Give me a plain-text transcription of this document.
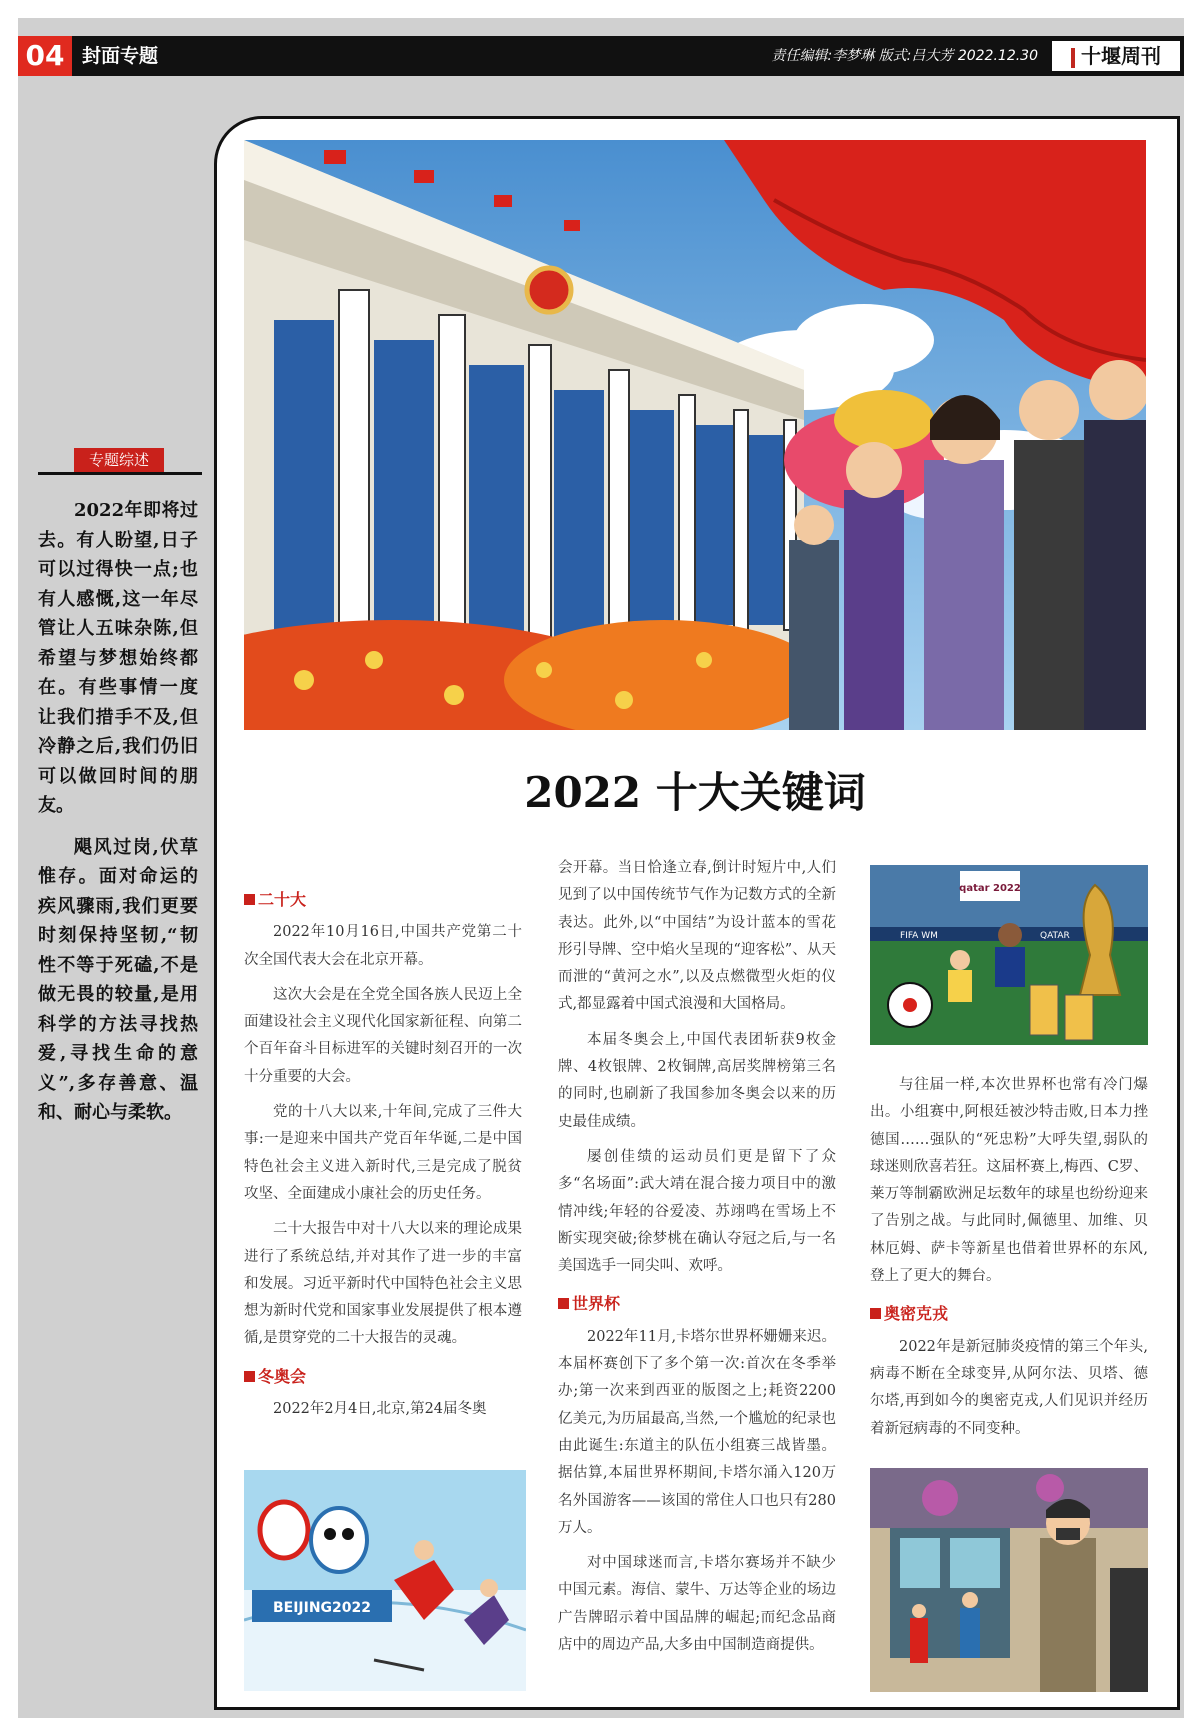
04 封面专题	责任编辑:李梦琳 版式:吕大芳 2022.12.30	十堰周刊
专题综述

2022年即将过去。有人盼望,日子可以过得快一点;也有人感慨,这一年尽管让人五味杂陈,但希望与梦想始终都在。有些事情一度让我们措手不及,但冷静之后,我们仍旧可以做回时间的朋友。

飓风过岗,伏草惟存。面对命运的疾风骤雨,我们更要时刻保持坚韧,“韧性不等于死磕,不是做无畏的较量,是用科学的方法寻找热爱,寻找生命的意义”,多存善意、温和、耐心与柔软。

2022 十大关键词
二十大

2022年10月16日,中国共产党第二十次全国代表大会在北京开幕。

这次大会是在全党全国各族人民迈上全面建设社会主义现代化国家新征程、向第二个百年奋斗目标进军的关键时刻召开的一次十分重要的大会。

党的十八大以来,十年间,完成了三件大事:一是迎来中国共产党百年华诞,二是中国特色社会主义进入新时代,三是完成了脱贫攻坚、全面建成小康社会的历史任务。

二十大报告中对十八大以来的理论成果进行了系统总结,并对其作了进一步的丰富和发展。习近平新时代中国特色社会主义思想为新时代党和国家事业发展提供了根本遵循,是贯穿党的二十大报告的灵魂。

冬奥会

2022年2月4日,北京,第24届冬奥

BEIJING2022

会开幕。当日恰逢立春,倒计时短片中,人们见到了以中国传统节气作为记数方式的全新表达。此外,以“中国结”为设计蓝本的雪花形引导牌、空中焰火呈现的“迎客松”、从天而泄的“黄河之水”,以及点燃微型火炬的仪式,都显露着中国式浪漫和大国格局。

本届冬奥会上,中国代表团斩获9枚金牌、4枚银牌、2枚铜牌,高居奖牌榜第三名的同时,也刷新了我国参加冬奥会以来的历史最佳成绩。

屡创佳绩的运动员们更是留下了众多“名场面”:武大靖在混合接力项目中的激情冲线;年轻的谷爱凌、苏翊鸣在雪场上不断实现突破;徐梦桃在确认夺冠之后,与一名美国选手一同尖叫、欢呼。

世界杯

2022年11月,卡塔尔世界杯姗姗来迟。本届杯赛创下了多个第一次:首次在冬季举办;第一次来到西亚的版图之上;耗资2200亿美元,为历届最高,当然,一个尴尬的纪录也由此诞生:东道主的队伍小组赛三战皆墨。据估算,本届世界杯期间,卡塔尔涌入120万名外国游客——该国的常住人口也只有280万人。

对中国球迷而言,卡塔尔赛场并不缺少中国元素。海信、蒙牛、万达等企业的场边广告牌昭示着中国品牌的崛起;而纪念品商店中的周边产品,大多由中国制造商提供。

FIFA WM	QATAR
qatar 2022

与往届一样,本次世界杯也常有冷门爆出。小组赛中,阿根廷被沙特击败,日本力挫德国……强队的“死忠粉”大呼失望,弱队的球迷则欣喜若狂。这届杯赛上,梅西、C罗、莱万等制霸欧洲足坛数年的球星也纷纷迎来了告别之战。与此同时,佩德里、加维、贝林厄姆、萨卡等新星也借着世界杯的东风,登上了更大的舞台。

奥密克戎

2022年是新冠肺炎疫情的第三个年头,病毒不断在全球变异,从阿尔法、贝塔、德尔塔,再到如今的奥密克戎,人们见识并经历着新冠病毒的不同变种。
